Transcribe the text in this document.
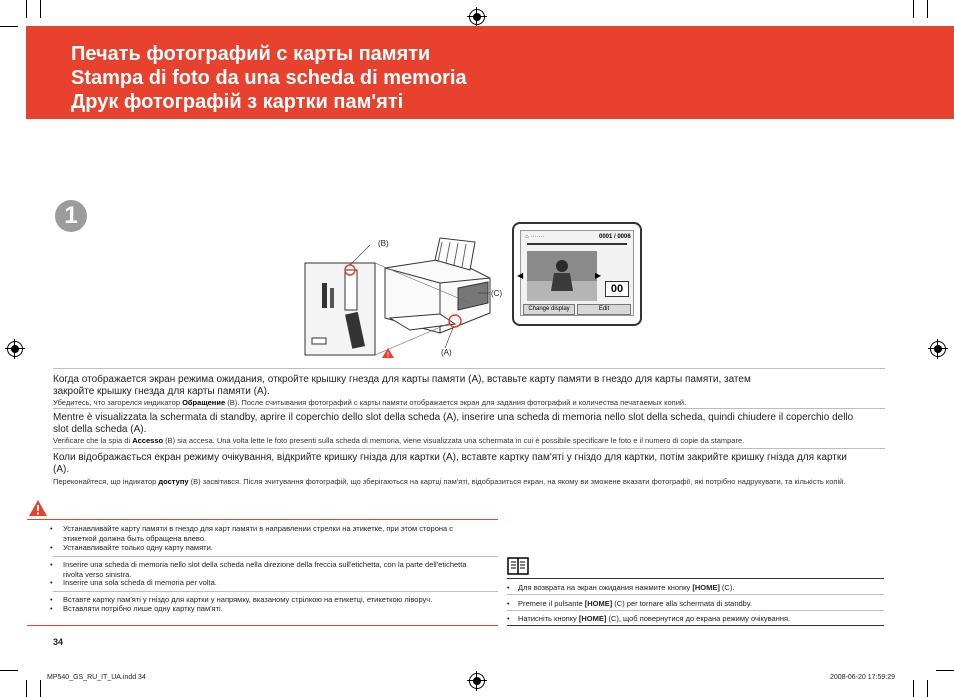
Печать фотографий с карты памяти
Stampa di foto da una scheda di memoria
Друк фотографій з картки пам'яті
1
!
(B)
(A)
(C)
⌂ ·······	0001 / 0006
◀	▶
00
Change display	Edit
Когда отображается экран режима ожидания, откройте крышку гнезда для карты памяти (A), вставьте карту памяти в гнездо для карты памяти, затем закройте крышку гнезда для карты памяти (A).
Убедитесь, что загорелся индикатор Обращение (B). После считывания фотографий с карты памяти отображается экран для задания фотографий и количества печатаемых копий.
Mentre è visualizzata la schermata di standby, aprire il coperchio dello slot della scheda (A), inserire una scheda di memoria nello slot della scheda, quindi chiudere il coperchio dello slot della scheda (A).
Verificare che la spia di Accesso (B) sia accesa. Una volta lette le foto presenti sulla scheda di memoria, viene visualizzata una schermata in cui è possibile specificare le foto e il numero di copie da stampare.
Коли відображається екран режиму очікування, відкрийте кришку гнізда для картки (A), вставте картку пам'яті у гніздо для картки, потім закрийте кришку гнізда для картки (A).
Переконайтеся, що індикатор доступу (B) засвітився. Після зчитування фотографій, що зберігаються на картці пам'яті, відобразиться екран, на якому ви зможене вказати фотографії, які потрібно надрукувати, та кількість копій.
• Устанавливайте карту памяти в гнездо для карт памяти в направлении стрелки на этикетке, при этом сторона с этикеткой должна быть обращена влево.
• Устанавливайте только одну карту памяти.
• Inserire una scheda di memoria nello slot della scheda nella direzione della freccia sull'etichetta, con la parte dell'etichetta rivolta verso sinistra.
• Inserire una sola scheda di memoria per volta.
• Вставте картку пам'яті у гніздо для картки у напрямку, вказаному стрілкою на етикетці, етикеткою ліворуч.
• Вставляти потрібно лише одну картку пам'яті.
• Для возврата на экран ожидания нажмите кнопку [HOME] (C).
• Premere il pulsante [HOME] (C) per tornare alla schermata di standby.
• Натисніть кнопку [HOME] (C), щоб повернутися до екрана режиму очікування.
34
MP540_GS_RU_IT_UA.indd 34	2008-06-20 17:59:29
